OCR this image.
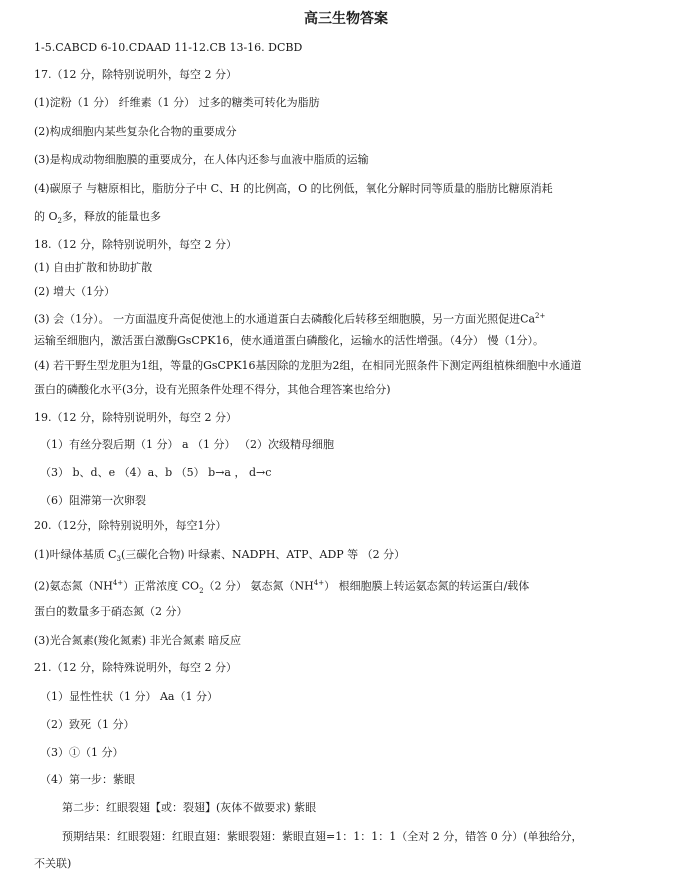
高三生物答案
1-5.CABCD 6-10.CDAAD 11-12.CB 13-16. DCBD
17.（12 分，除特别说明外，每空 2 分）
(1)淀粉（1 分） 纤维素（1 分） 过多的糖类可转化为脂肪
(2)构成细胞内某些复杂化合物的重要成分
(3)是构成动物细胞膜的重要成分，在人体内还参与血液中脂质的运输
(4)碳原子 与糖原相比，脂肪分子中 C、H 的比例高，O 的比例低，氧化分解时同等质量的脂肪比糖原消耗
的 $O_2$多，释放的能量也多
18.（12 分，除特别说明外，每空 2 分）
(1) 自由扩散和协助扩散
(2) 增大（1分）
(3) 会（1分）。 一方面温度升高促使池上的水通道蛋白去磷酸化后转移至细胞膜，另一方面光照促进$Ca^{2+}$
运输至细胞内，激活蛋白激酶GsCPK16，使水通道蛋白磷酸化，运输水的活性增强。（4分） 慢（1分）。
(4) 若干野生型龙胆为1组，等量的GsCPK16基因除的龙胆为2组，在相同光照条件下测定两组植株细胞中水通道
蛋白的磷酸化水平(3分，设有光照条件处理不得分，其他合理答案也给分)
19.（12 分，除特别说明外，每空 2 分）
（1）有丝分裂后期（1 分） a （1 分） （2）次级精母细胞
（3） b、d、e （4）a、b （5） b→a ， d→c
（6）阻滞第一次卵裂
20.（12分，除特别说明外，每空1分）
(1)叶绿体基质 $C_3$(三碳化合物) 叶绿素、NADPH、ATP、ADP 等 （2 分）
(2)氨态氮$(NH^{4+})$正常浓度 $CO_2(2$ 分） 氨态氮$(NH^{4+})$ 根细胞膜上转运氨态氮的转运蛋白/载体
蛋白的数量多于硝态氮（2 分）
(3)光合氮素(羧化氮素) 非光合氮素 暗反应
21.（12 分，除特殊说明外，每空 2 分）
（1）显性性状（1 分） Aa（1 分）
（2）致死（1 分）
（3）①（1 分）
（4）第一步：紫眼
第二步：红眼裂翅【或：裂翅】(灰体不做要求) 紫眼
预期结果：红眼裂翅：红眼直翅：紫眼裂翅：紫眼直翅=1：1：1：1（全对 2 分，错答 0 分）(单独给分，
不关联)
